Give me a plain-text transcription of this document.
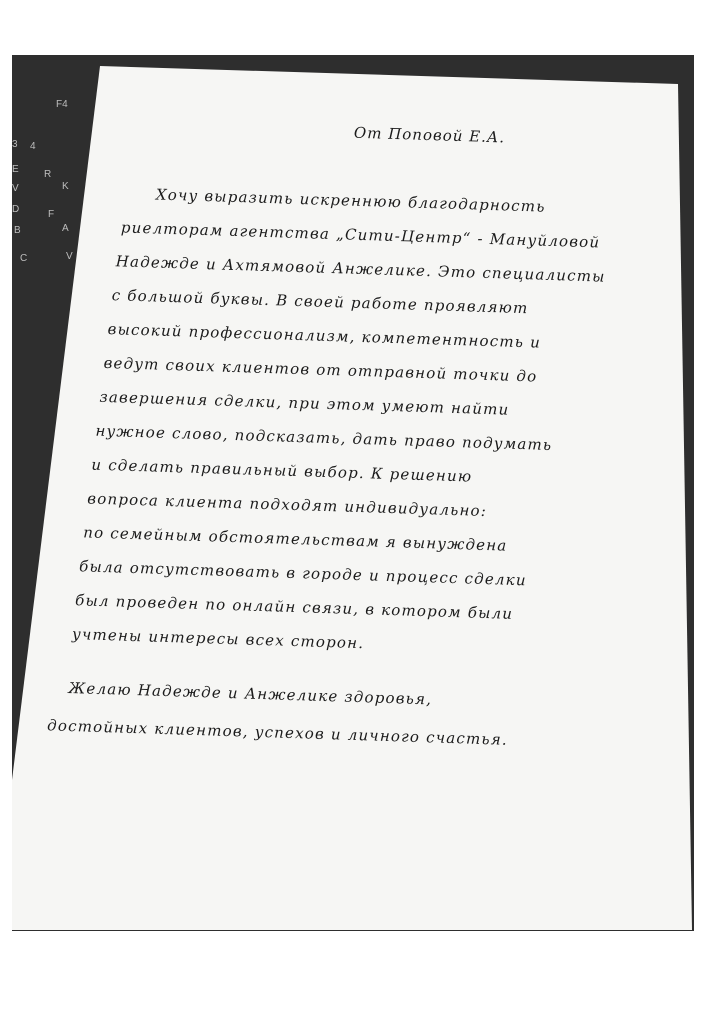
F4
4
R
F
C
3
E
D
V	K
B	A
V
От Поповой Е.А.
Хочу выразить искреннюю благодарность
риелторам агентства „Сити-Центр“ - Мануйловой
Надежде и Ахтямовой Анжелике. Это специалисты
с большой буквы. В своей работе проявляют
высокий профессионализм, компетентность и
ведут своих клиентов от отправной точки до
завершения сделки, при этом умеют найти
нужное слово, подсказать, дать право подумать
и сделать правильный выбор. К решению
вопроса клиента подходят индивидуально:
по семейным обстоятельствам я вынуждена
была отсутствовать в городе и процесс сделки
был проведен по онлайн связи, в котором были
учтены интересы всех сторон.
Желаю Надежде и Анжелике здоровья,
достойных клиентов, успехов и личного счастья.
